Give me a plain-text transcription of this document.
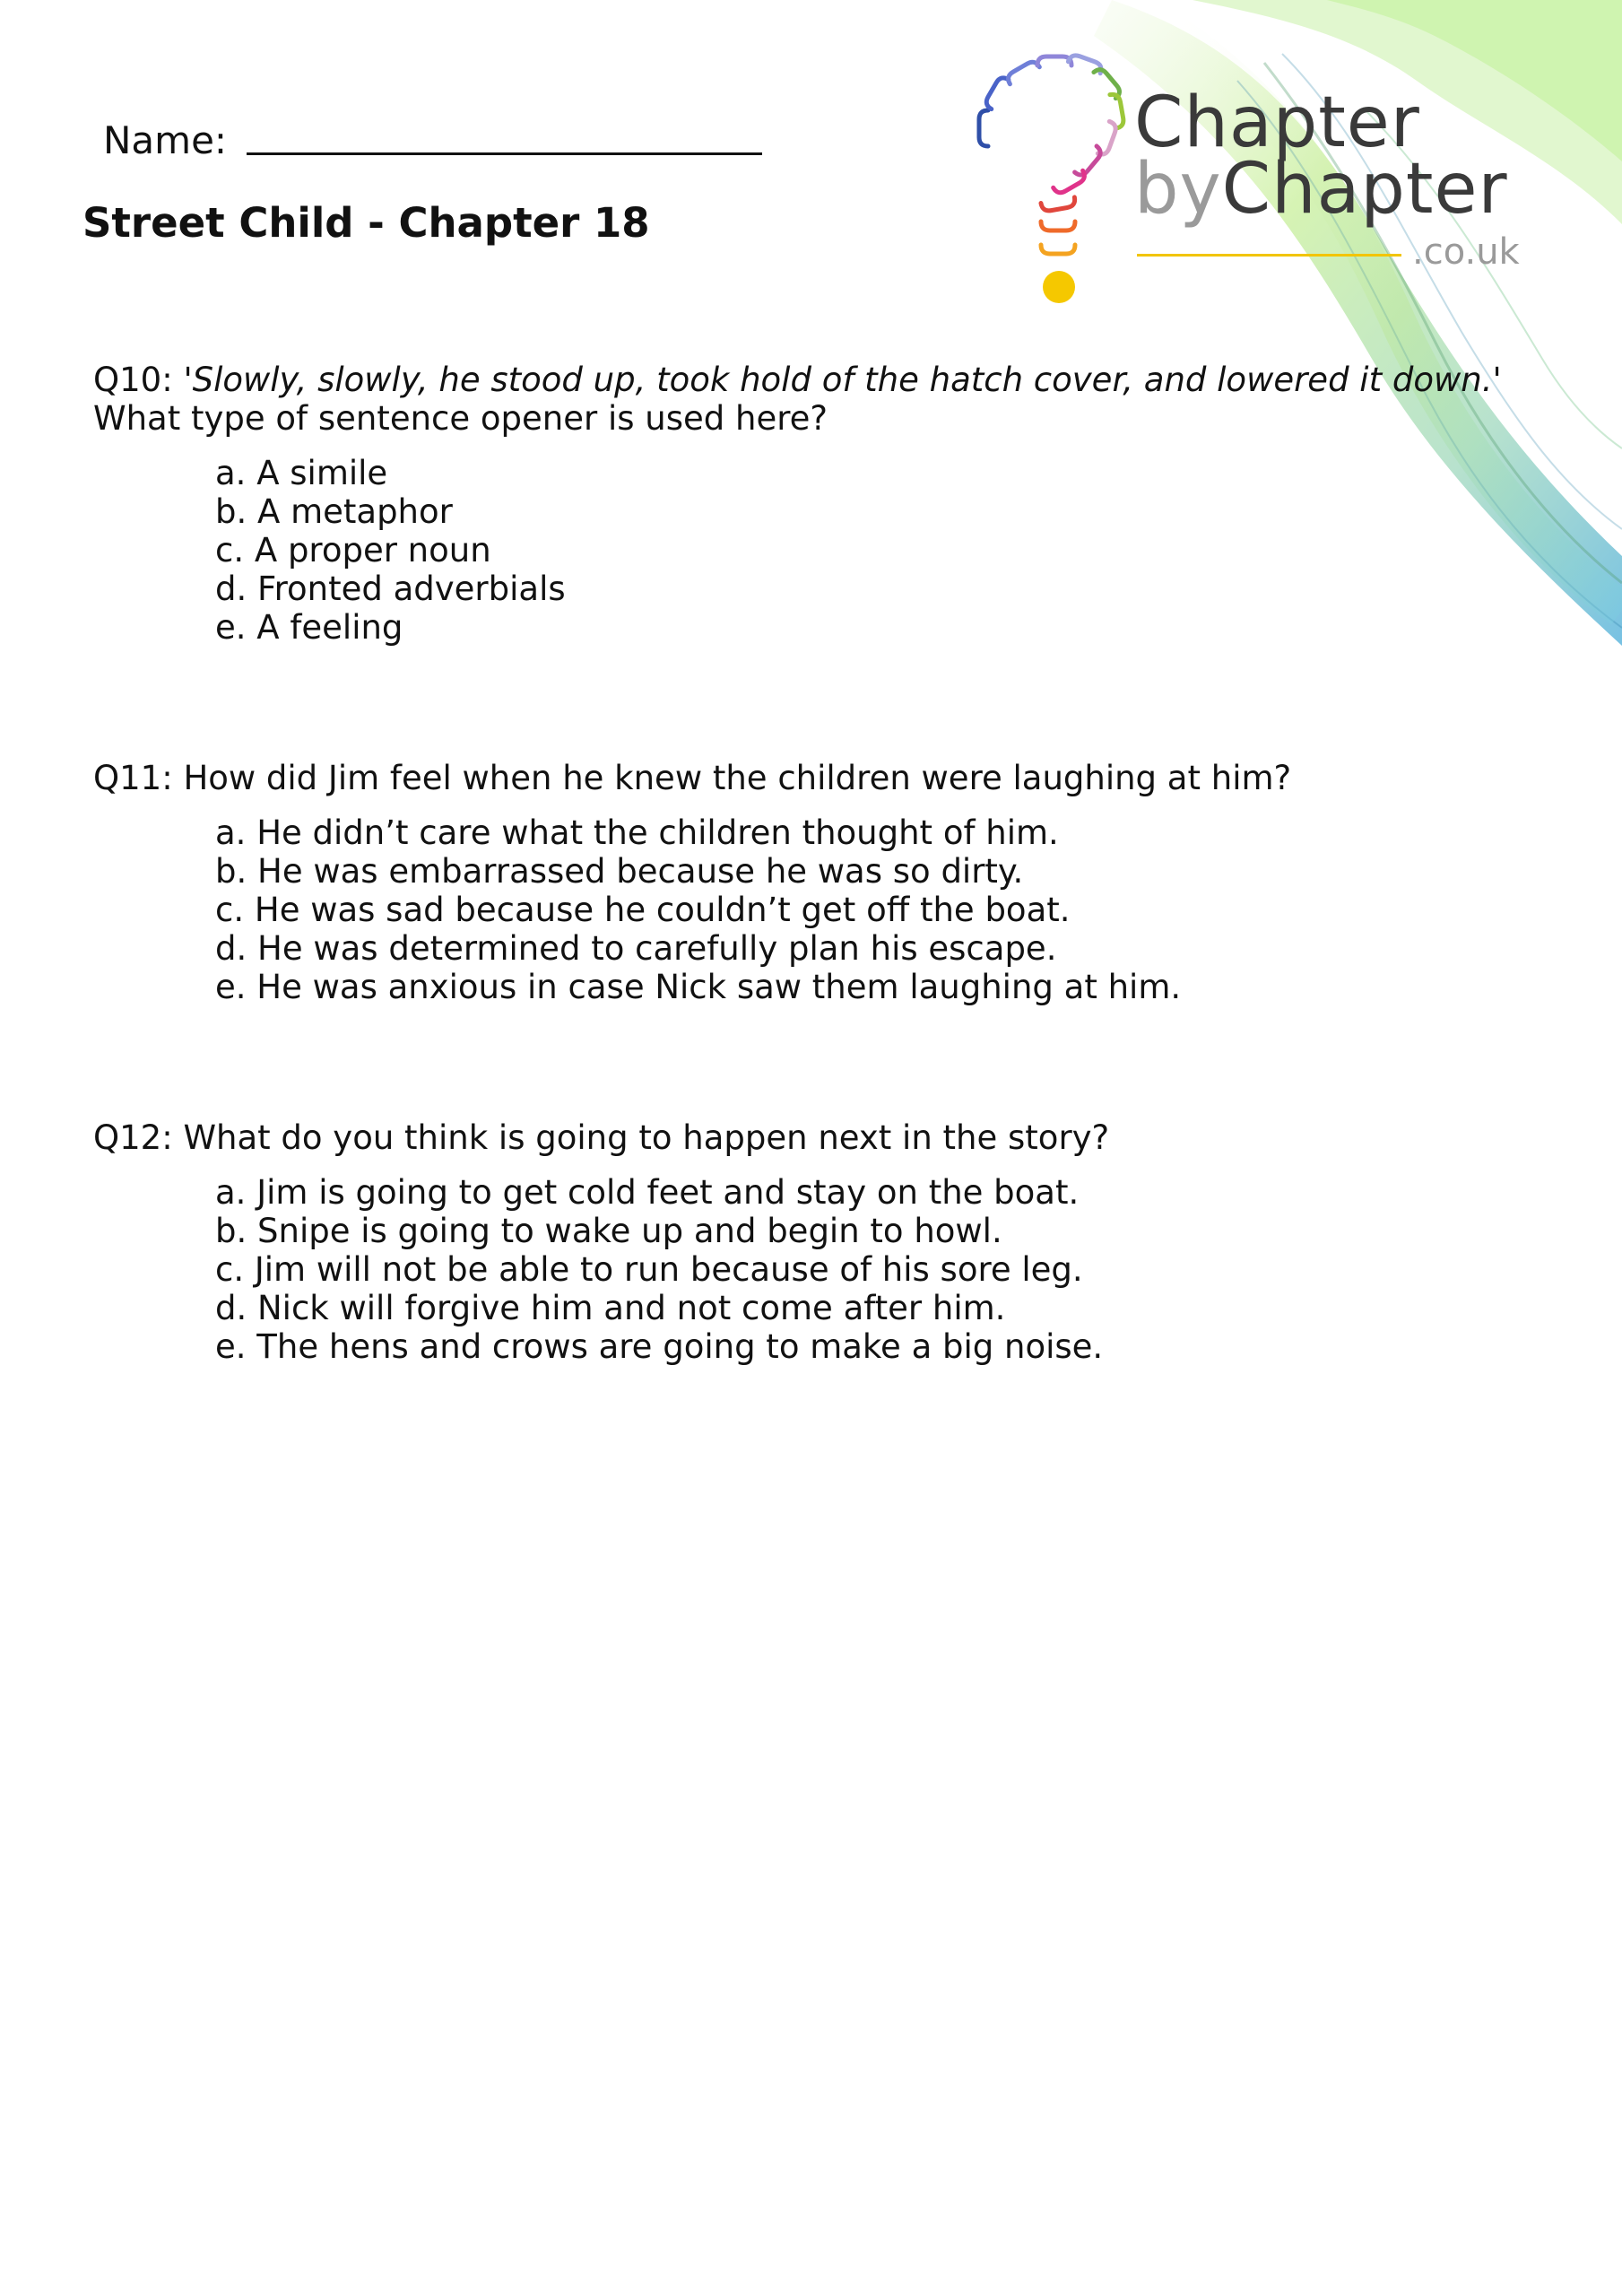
Name:
Street Child - Chapter 18
Chapter
byChapter
.co.uk

Q10: 'Slowly, slowly, he stood up, took hold of the hatch cover, and lowered it down.'

What type of sentence opener is used here?

a. A simile
b. A metaphor
c. A proper noun
d. Fronted adverbials
e. A feeling

Q11: How did Jim feel when he knew the children were laughing at him?

a. He didn’t care what the children thought of him.
b. He was embarrassed because he was so dirty.
c. He was sad because he couldn’t get off the boat.
d. He was determined to carefully plan his escape.
e. He was anxious in case Nick saw them laughing at him.

Q12: What do you think is going to happen next in the story?

a. Jim is going to get cold feet and stay on the boat.
b. Snipe is going to wake up and begin to howl.
c. Jim will not be able to run because of his sore leg.
d. Nick will forgive him and not come after him.
e. The hens and crows are going to make a big noise.
